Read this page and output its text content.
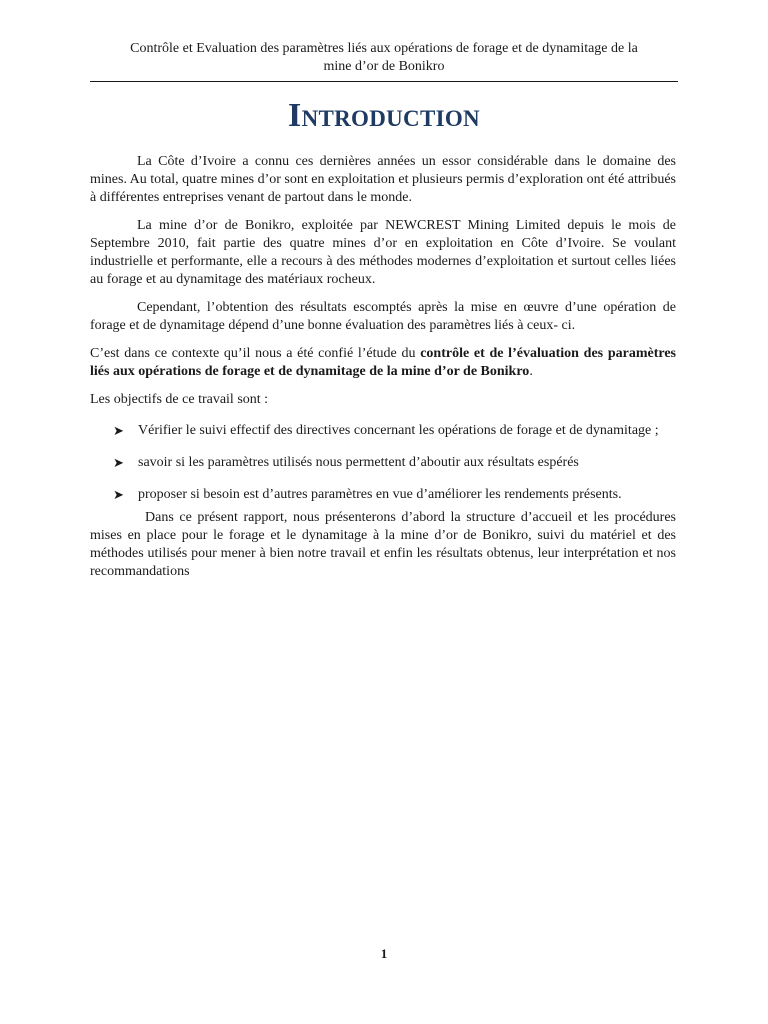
Contrôle et Evaluation des paramètres liés aux opérations de forage et de dynamitage de la
mine d’or de Bonikro
INTRODUCTION

La Côte d’Ivoire a connu ces dernières années un essor considérable dans le domaine des mines. Au total, quatre mines d’or sont en exploitation et plusieurs permis d’exploration ont été attribués à différentes entreprises venant de partout dans le monde.

La mine d’or de Bonikro, exploitée par NEWCREST Mining Limited depuis le mois de Septembre 2010, fait partie des quatre mines d’or en exploitation en Côte d’Ivoire. Se voulant industrielle et performante, elle a recours à des méthodes modernes d’exploitation et surtout celles liées au forage et au dynamitage des matériaux rocheux.

Cependant, l’obtention des résultats escomptés après la mise en œuvre d’une opération de forage et de dynamitage dépend d’une bonne évaluation des paramètres liés à ceux- ci.

C’est dans ce contexte qu’il nous a été confié l’étude du contrôle et de l’évaluation des paramètres liés aux opérations de forage et de dynamitage de la mine d’or de Bonikro.

Les objectifs de ce travail sont :

➤ Vérifier le suivi effectif des directives concernant les opérations de forage et de dynamitage ;
➤ savoir si les paramètres utilisés nous permettent d’aboutir aux résultats espérés
➤ proposer si besoin est d’autres paramètres en vue d’améliorer les rendements présents.

Dans ce présent rapport, nous présenterons d’abord la structure d’accueil et les procédures mises en place pour le forage et le dynamitage à la mine d’or de Bonikro, suivi du matériel et des méthodes utilisés pour mener à bien notre travail et enfin les résultats obtenus, leur interprétation et nos recommandations

1
